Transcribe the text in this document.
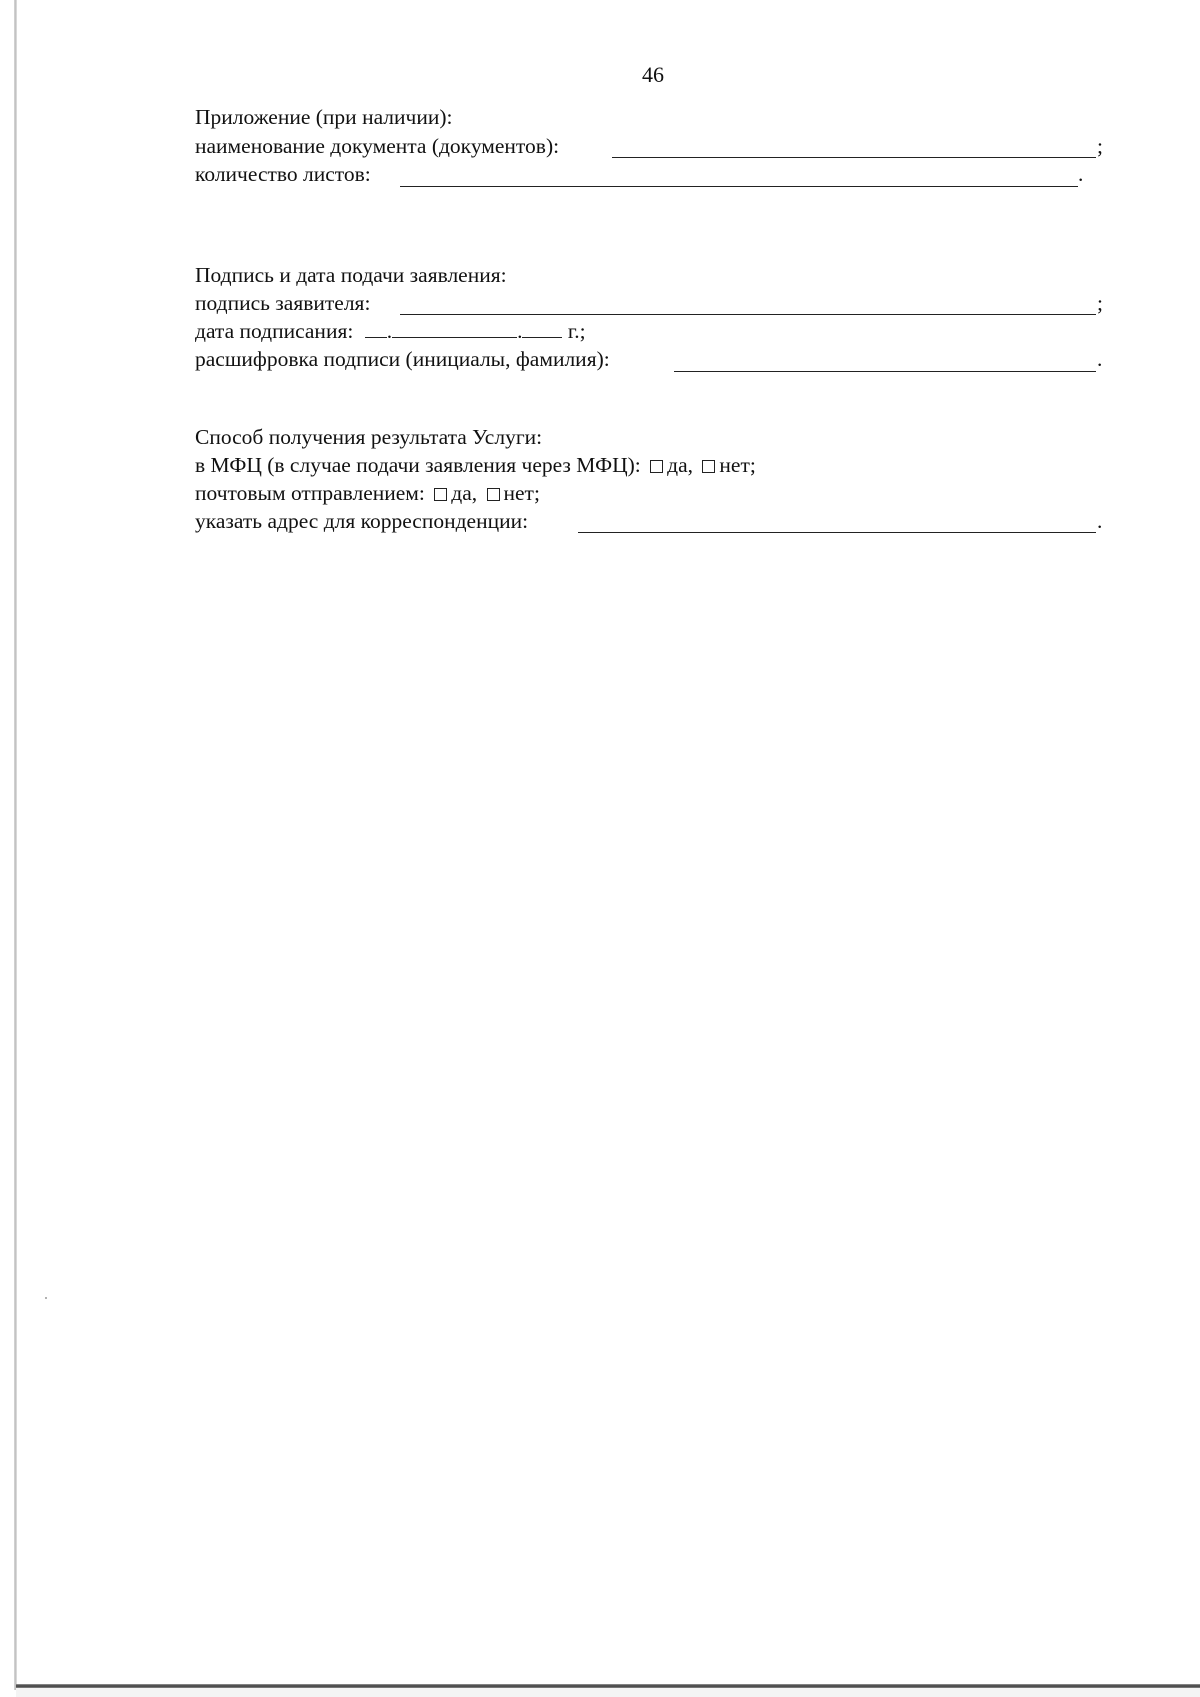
46
Приложение (при наличии):
наименование документа (документов):	;
количество листов:	.
Подпись и дата подачи заявления:
подпись заявителя:	;
дата подписания: .	. г.;
расшифровка подписи (инициалы, фамилия):	.
Способ получения результата Услуги:
в МФЦ (в случае подачи заявления через МФЦ): да, нет;
почтовым отправлением: да, нет;
указать адрес для корреспонденции:	.
